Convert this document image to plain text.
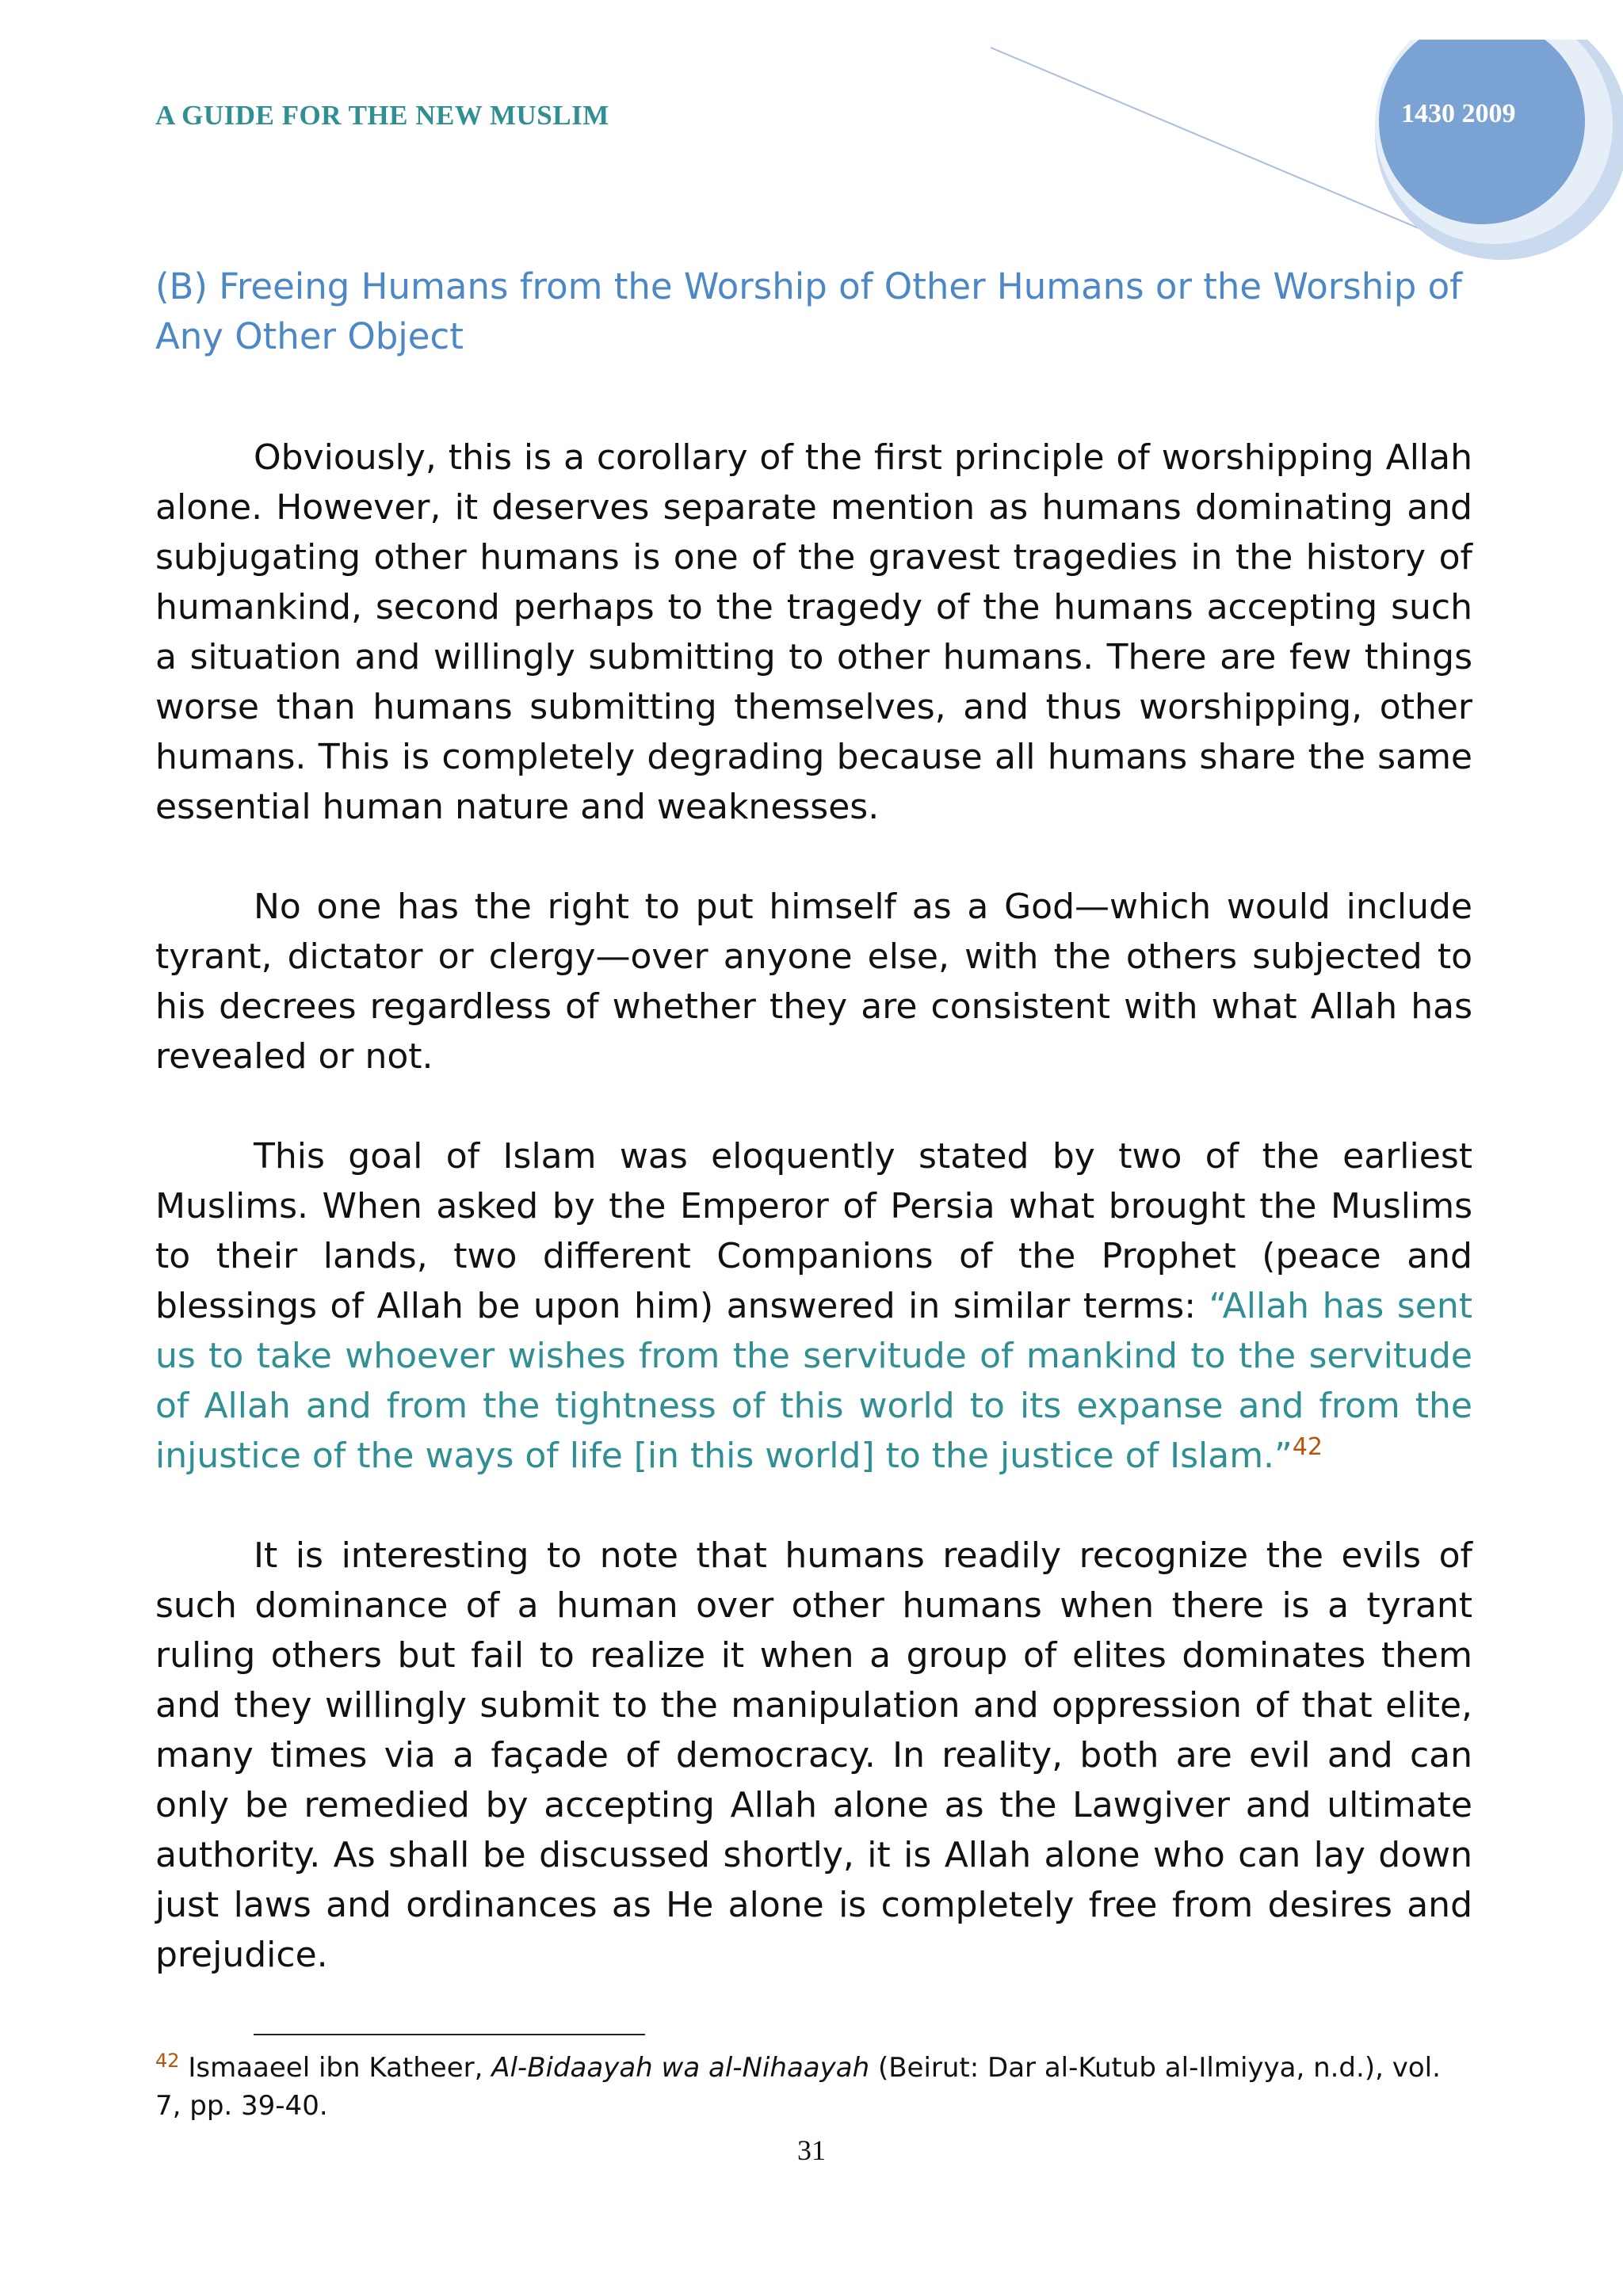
A GUIDE FOR THE NEW MUSLIM	1430 2009
(B) Freeing Humans from the Worship of Other Humans or the Worship of Any Other Object

Obviously, this is a corollary of the first principle of worshipping Allah alone. However, it deserves separate mention as humans dominating and subjugating other humans is one of the gravest tragedies in the history of humankind, second perhaps to the tragedy of the humans accepting such a situation and willingly submitting to other humans. There are few things worse than humans submitting themselves, and thus worshipping, other humans. This is completely degrading because all humans share the same essential human nature and weaknesses.

No one has the right to put himself as a God—which would include tyrant, dictator or clergy—over anyone else, with the others subjected to his decrees regardless of whether they are consistent with what Allah has revealed or not.

This goal of Islam was eloquently stated by two of the earliest Muslims. When asked by the Emperor of Persia what brought the Muslims to their lands, two different Companions of the Prophet (peace and blessings of Allah be upon him) answered in similar terms: “Allah has sent us to take whoever wishes from the servitude of mankind to the servitude of Allah and from the tightness of this world to its expanse and from the injustice of the ways of life [in this world] to the justice of Islam.”$^{42}$

It is interesting to note that humans readily recognize the evils of such dominance of a human over other humans when there is a tyrant ruling others but fail to realize it when a group of elites dominates them and they willingly submit to the manipulation and oppression of that elite, many times via a façade of democracy. In reality, both are evil and can only be remedied by accepting Allah alone as the Lawgiver and ultimate authority. As shall be discussed shortly, it is Allah alone who can lay down just laws and ordinances as He alone is completely free from desires and prejudice.

$^{42}$ Ismaaeel ibn Katheer, Al-Bidaayah wa al-Nihaayah (Beirut: Dar al-Kutub al-Ilmiyya, n.d.), vol. 7, pp. 39-40.
31
